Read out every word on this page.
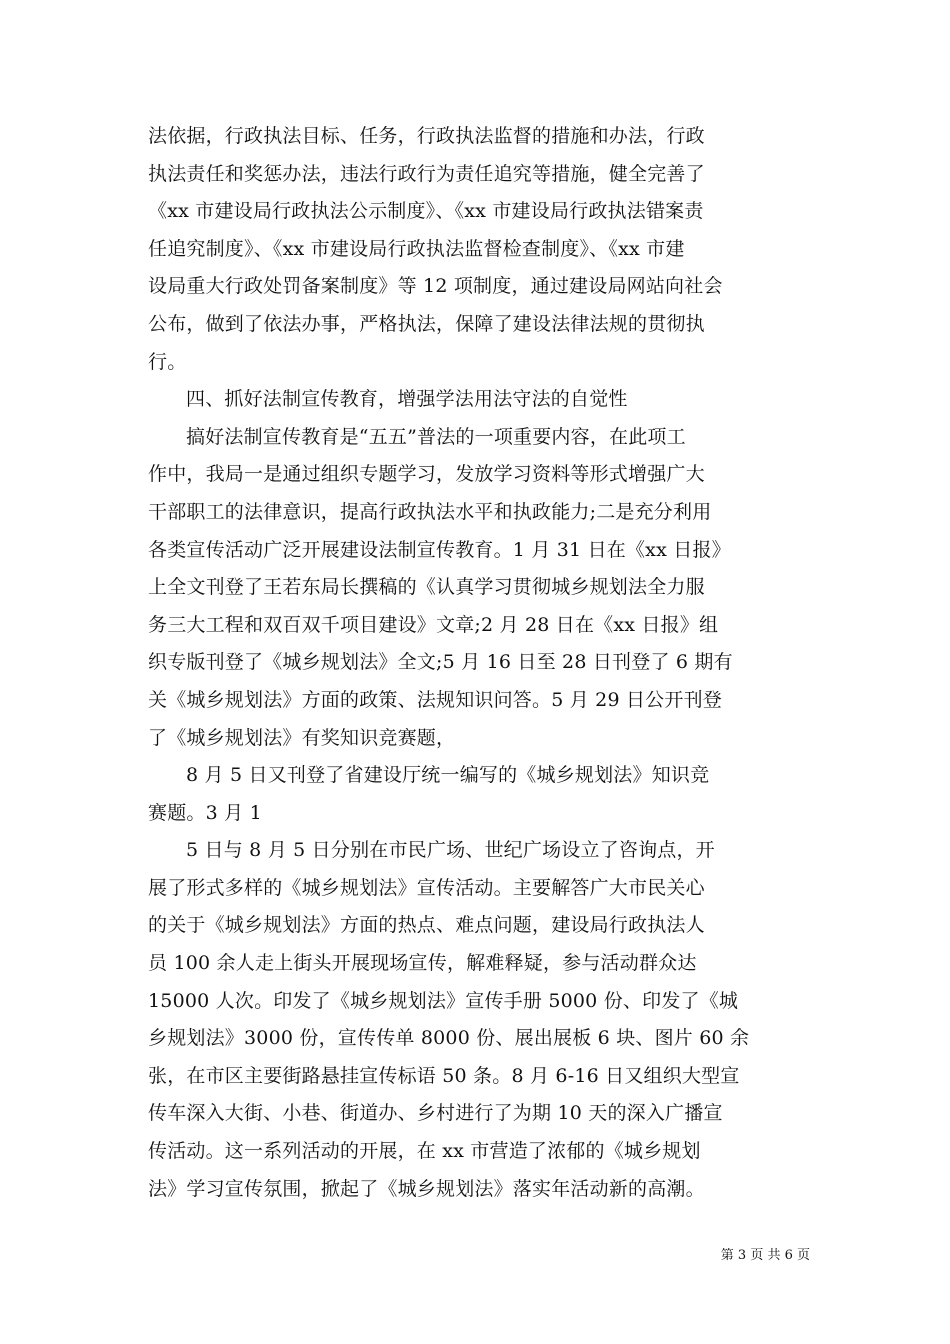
法依据，行政执法目标、任务，行政执法监督的措施和办法，行政
执法责任和奖惩办法，违法行政行为责任追究等措施，健全完善了
《xx 市建设局行政执法公示制度》、《xx 市建设局行政执法错案责
任追究制度》、《xx 市建设局行政执法监督检查制度》、《xx 市建
设局重大行政处罚备案制度》等 12 项制度，通过建设局网站向社会
公布，做到了依法办事，严格执法，保障了建设法律法规的贯彻执
行。
四、抓好法制宣传教育，增强学法用法守法的自觉性
搞好法制宣传教育是“五五”普法的一项重要内容，在此项工
作中，我局一是通过组织专题学习，发放学习资料等形式增强广大
干部职工的法律意识，提高行政执法水平和执政能力;二是充分利用
各类宣传活动广泛开展建设法制宣传教育。1 月 31 日在《xx 日报》
上全文刊登了王若东局长撰稿的《认真学习贯彻城乡规划法全力服
务三大工程和双百双千项目建设》文章;2 月 28 日在《xx 日报》组
织专版刊登了《城乡规划法》全文;5 月 16 日至 28 日刊登了 6 期有
关《城乡规划法》方面的政策、法规知识问答。5 月 29 日公开刊登
了《城乡规划法》有奖知识竞赛题，
8 月 5 日又刊登了省建设厅统一编写的《城乡规划法》知识竞
赛题。3 月 1
5 日与 8 月 5 日分别在市民广场、世纪广场设立了咨询点，开
展了形式多样的《城乡规划法》宣传活动。主要解答广大市民关心
的关于《城乡规划法》方面的热点、难点问题，建设局行政执法人
员 100 余人走上街头开展现场宣传，解难释疑，参与活动群众达
15000 人次。印发了《城乡规划法》宣传手册 5000 份、印发了《城
乡规划法》3000 份，宣传传单 8000 份、展出展板 6 块、图片 60 余
张，在市区主要街路悬挂宣传标语 50 条。8 月 6-16 日又组织大型宣
传车深入大街、小巷、街道办、乡村进行了为期 10 天的深入广播宣
传活动。这一系列活动的开展，在 xx 市营造了浓郁的《城乡规划
法》学习宣传氛围，掀起了《城乡规划法》落实年活动新的高潮。
第 3 页 共 6 页
